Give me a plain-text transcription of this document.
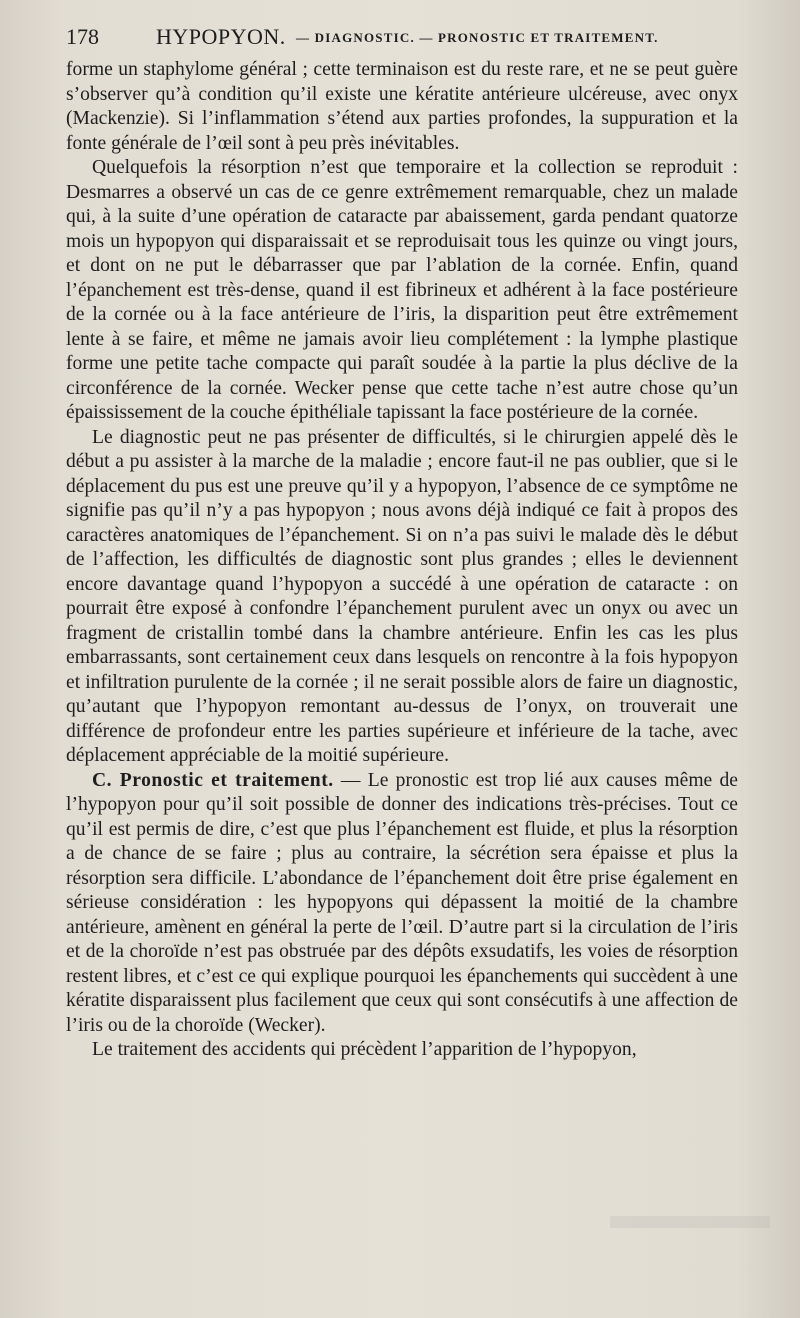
178	HYPOPYON. — DIAGNOSTIC. — PRONOSTIC ET TRAITEMENT.

forme un staphylome général ; cette terminaison est du reste rare, et ne se peut guère s’observer qu’à condition qu’il existe une kératite antérieure ulcéreuse, avec onyx (Mackenzie). Si l’inflammation s’étend aux parties profondes, la suppuration et la fonte générale de l’œil sont à peu près inévitables.

Quelquefois la résorption n’est que temporaire et la collection se reproduit : Desmarres a observé un cas de ce genre extrêmement remarquable, chez un malade qui, à la suite d’une opération de cataracte par abaissement, garda pendant quatorze mois un hypopyon qui disparaissait et se reproduisait tous les quinze ou vingt jours, et dont on ne put le débarrasser que par l’ablation de la cornée. Enfin, quand l’épanchement est très-dense, quand il est fibrineux et adhérent à la face postérieure de la cornée ou à la face antérieure de l’iris, la disparition peut être extrêmement lente à se faire, et même ne jamais avoir lieu complétement : la lymphe plastique forme une petite tache compacte qui paraît soudée à la partie la plus déclive de la circonférence de la cornée. Wecker pense que cette tache n’est autre chose qu’un épaississement de la couche épithéliale tapissant la face postérieure de la cornée.

Le diagnostic peut ne pas présenter de difficultés, si le chirurgien appelé dès le début a pu assister à la marche de la maladie ; encore faut-il ne pas oublier, que si le déplacement du pus est une preuve qu’il y a hypopyon, l’absence de ce symptôme ne signifie pas qu’il n’y a pas hypopyon ; nous avons déjà indiqué ce fait à propos des caractères anatomiques de l’épanchement. Si on n’a pas suivi le malade dès le début de l’affection, les difficultés de diagnostic sont plus grandes ; elles le deviennent encore davantage quand l’hypopyon a succédé à une opération de cataracte : on pourrait être exposé à confondre l’épanchement purulent avec un onyx ou avec un fragment de cristallin tombé dans la chambre antérieure. Enfin les cas les plus embarrassants, sont certainement ceux dans lesquels on rencontre à la fois hypopyon et infiltration purulente de la cornée ; il ne serait possible alors de faire un diagnostic, qu’autant que l’hypopyon remontant au-dessus de l’onyx, on trouverait une différence de profondeur entre les parties supérieure et inférieure de la tache, avec déplacement appréciable de la moitié supérieure.

C. Pronostic et traitement. — Le pronostic est trop lié aux causes même de l’hypopyon pour qu’il soit possible de donner des indications très-précises. Tout ce qu’il est permis de dire, c’est que plus l’épanchement est fluide, et plus la résorption a de chance de se faire ; plus au contraire, la sécrétion sera épaisse et plus la résorption sera difficile. L’abondance de l’épanchement doit être prise également en sérieuse considération : les hypopyons qui dépassent la moitié de la chambre antérieure, amènent en général la perte de l’œil. D’autre part si la circulation de l’iris et de la choroïde n’est pas obstruée par des dépôts exsudatifs, les voies de résorption restent libres, et c’est ce qui explique pourquoi les épanchements qui succèdent à une kératite disparaissent plus facilement que ceux qui sont consécutifs à une affection de l’iris ou de la choroïde (Wecker).

Le traitement des accidents qui précèdent l’apparition de l’hypopyon,
